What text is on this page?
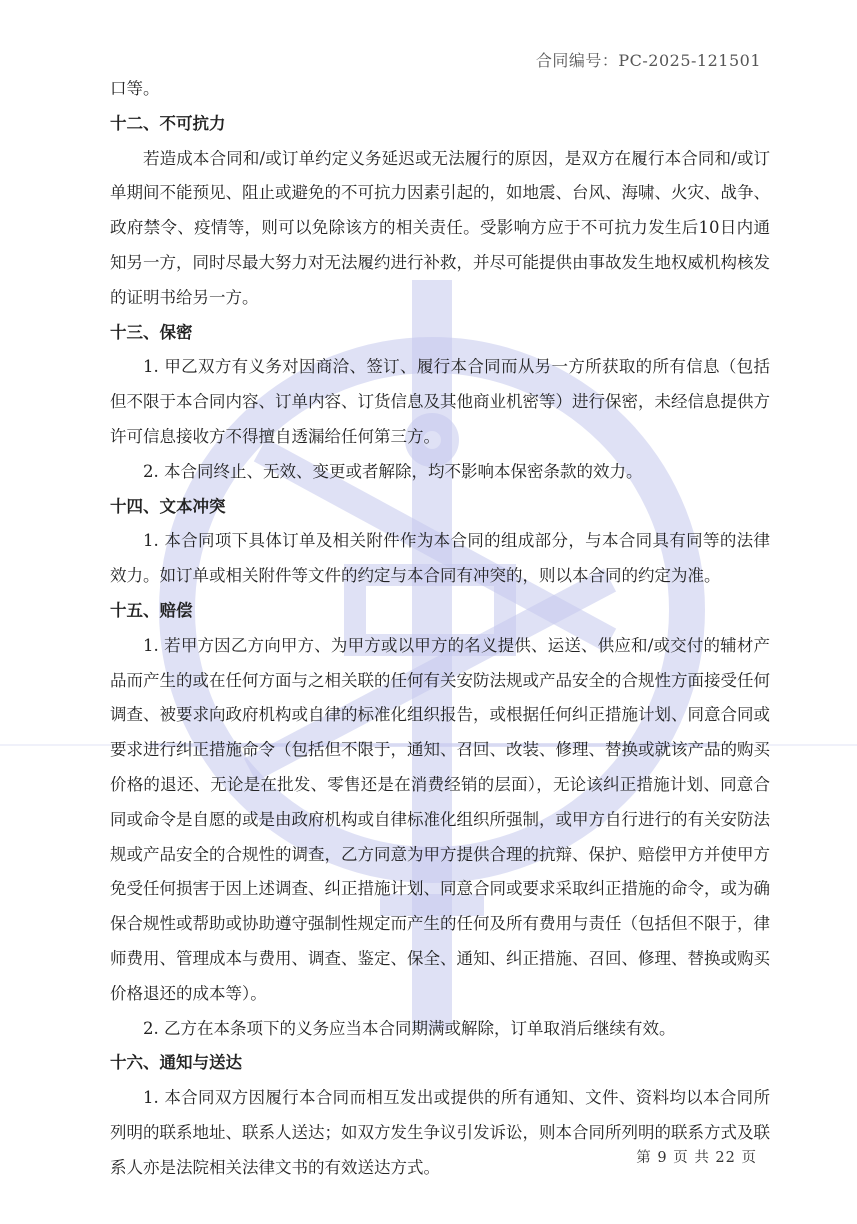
合同编号：PC-2025-121501

口等。

十二、不可抗力

若造成本合同和/或订单约定义务延迟或无法履行的原因，是双方在履行本合同和/或订单期间不能预见、阻止或避免的不可抗力因素引起的，如地震、台风、海啸、火灾、战争、政府禁令、疫情等，则可以免除该方的相关责任。受影响方应于不可抗力发生后10日内通知另一方，同时尽最大努力对无法履约进行补救，并尽可能提供由事故发生地权威机构核发的证明书给另一方。

十三、保密

1. 甲乙双方有义务对因商洽、签订、履行本合同而从另一方所获取的所有信息（包括但不限于本合同内容、订单内容、订货信息及其他商业机密等）进行保密，未经信息提供方许可信息接收方不得擅自透漏给任何第三方。

2. 本合同终止、无效、变更或者解除，均不影响本保密条款的效力。

十四、文本冲突

1. 本合同项下具体订单及相关附件作为本合同的组成部分，与本合同具有同等的法律效力。如订单或相关附件等文件的约定与本合同有冲突的，则以本合同的约定为准。

十五、赔偿

1. 若甲方因乙方向甲方、为甲方或以甲方的名义提供、运送、供应和/或交付的辅材产品而产生的或在任何方面与之相关联的任何有关安防法规或产品安全的合规性方面接受任何调查、被要求向政府机构或自律的标准化组织报告，或根据任何纠正措施计划、同意合同或要求进行纠正措施命令（包括但不限于，通知、召回、改装、修理、替换或就该产品的购买价格的退还、无论是在批发、零售还是在消费经销的层面），无论该纠正措施计划、同意合同或命令是自愿的或是由政府机构或自律标准化组织所强制，或甲方自行进行的有关安防法规或产品安全的合规性的调查，乙方同意为甲方提供合理的抗辩、保护、赔偿甲方并使甲方免受任何损害于因上述调查、纠正措施计划、同意合同或要求采取纠正措施的命令，或为确保合规性或帮助或协助遵守强制性规定而产生的任何及所有费用与责任（包括但不限于，律师费用、管理成本与费用、调查、鉴定、保全、通知、纠正措施、召回、修理、替换或购买价格退还的成本等）。

2. 乙方在本条项下的义务应当本合同期满或解除，订单取消后继续有效。

十六、通知与送达

1. 本合同双方因履行本合同而相互发出或提供的所有通知、文件、资料均以本合同所列明的联系地址、联系人送达；如双方发生争议引发诉讼，则本合同所列明的联系方式及联系人亦是法院相关法律文书的有效送达方式。	第 9 页 共 22 页
